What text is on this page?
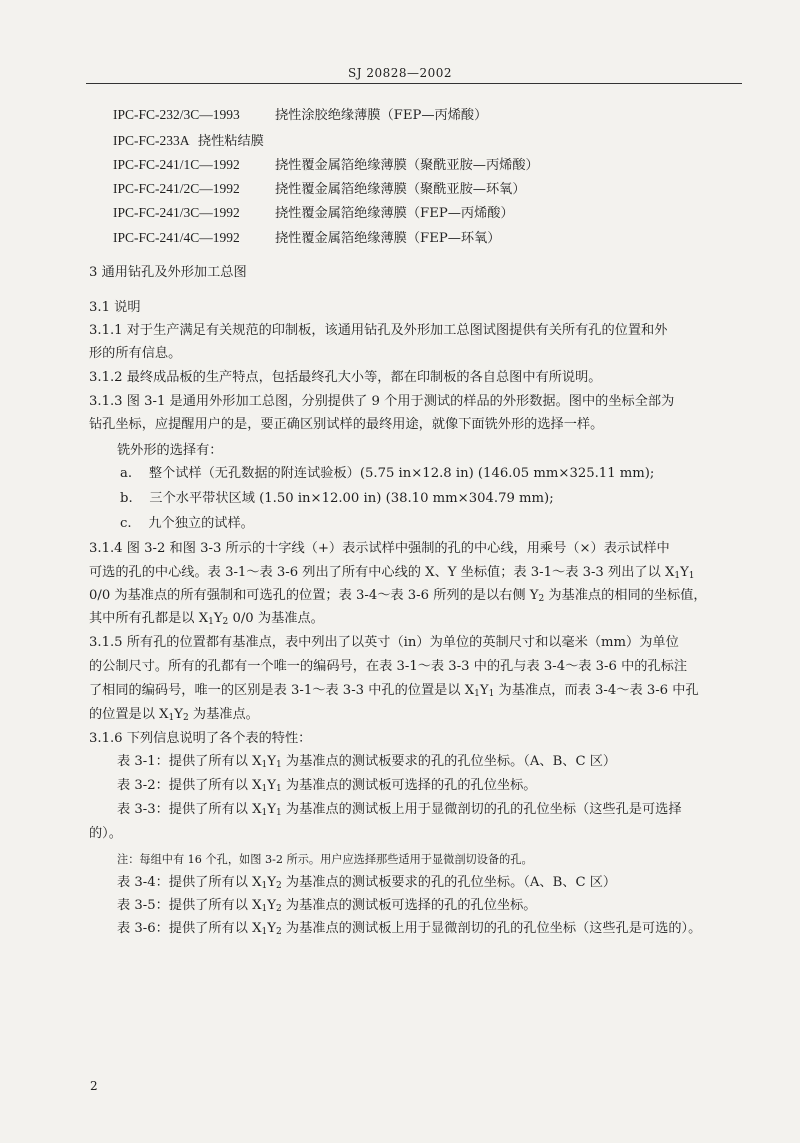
SJ 20828—2002
IPC-FC-232/3C—1993	挠性涂胶绝缘薄膜（FEP—丙烯酸）
IPC-FC-233A 挠性粘结膜
IPC-FC-241/1C—1992	挠性覆金属箔绝缘薄膜（聚酰亚胺—丙烯酸）
IPC-FC-241/2C—1992	挠性覆金属箔绝缘薄膜（聚酰亚胺—环氧）
IPC-FC-241/3C—1992	挠性覆金属箔绝缘薄膜（FEP—丙烯酸）
IPC-FC-241/4C—1992	挠性覆金属箔绝缘薄膜（FEP—环氧）
3 通用钻孔及外形加工总图
3.1 说明
3.1.1 对于生产满足有关规范的印制板，该通用钻孔及外形加工总图试图提供有关所有孔的位置和外
形的所有信息。
3.1.2 最终成品板的生产特点，包括最终孔大小等，都在印制板的各自总图中有所说明。
3.1.3 图 3-1 是通用外形加工总图，分别提供了 9 个用于测试的样品的外形数据。图中的坐标全部为
钻孔坐标，应提醒用户的是，要正确区别试样的最终用途，就像下面铣外形的选择一样。
铣外形的选择有：
a. 整个试样（无孔数据的附连试验板）(5.75 in×12.8 in) (146.05 mm×325.11 mm);
b. 三个水平带状区域 (1.50 in×12.00 in) (38.10 mm×304.79 mm);
c. 九个独立的试样。
3.1.4 图 3-2 和图 3-3 所示的十字线（+）表示试样中强制的孔的中心线，用乘号（×）表示试样中
可选的孔的中心线。表 3-1～表 3-6 列出了所有中心线的 X、Y 坐标值；表 3-1～表 3-3 列出了以 $X_1Y_1$
0/0 为基准点的所有强制和可选孔的位置；表 3-4～表 3-6 所列的是以右侧 $Y_2$ 为基准点的相同的坐标值，
其中所有孔都是以 $X_1Y_2$ 0/0 为基准点。
3.1.5 所有孔的位置都有基准点，表中列出了以英寸（in）为单位的英制尺寸和以毫米（mm）为单位
的公制尺寸。所有的孔都有一个唯一的编码号，在表 3-1～表 3-3 中的孔与表 3-4～表 3-6 中的孔标注
了相同的编码号，唯一的区别是表 3-1～表 3-3 中孔的位置是以 $X_1Y_1$ 为基准点，而表 3-4～表 3-6 中孔
的位置是以 $X_1Y_2$ 为基准点。
3.1.6 下列信息说明了各个表的特性：
表 3-1：提供了所有以 $X_1Y_1$ 为基准点的测试板要求的孔的孔位坐标。（A、B、C 区）
表 3-2：提供了所有以 $X_1Y_1$ 为基准点的测试板可选择的孔的孔位坐标。
表 3-3：提供了所有以 $X_1Y_1$ 为基准点的测试板上用于显微剖切的孔的孔位坐标（这些孔是可选择
的）。
注：每组中有 16 个孔，如图 3-2 所示。用户应选择那些适用于显微剖切设备的孔。
表 3-4：提供了所有以 $X_1Y_2$ 为基准点的测试板要求的孔的孔位坐标。（A、B、C 区）
表 3-5：提供了所有以 $X_1Y_2$ 为基准点的测试板可选择的孔的孔位坐标。
表 3-6：提供了所有以 $X_1Y_2$ 为基准点的测试板上用于显微剖切的孔的孔位坐标（这些孔是可选的）。
2
